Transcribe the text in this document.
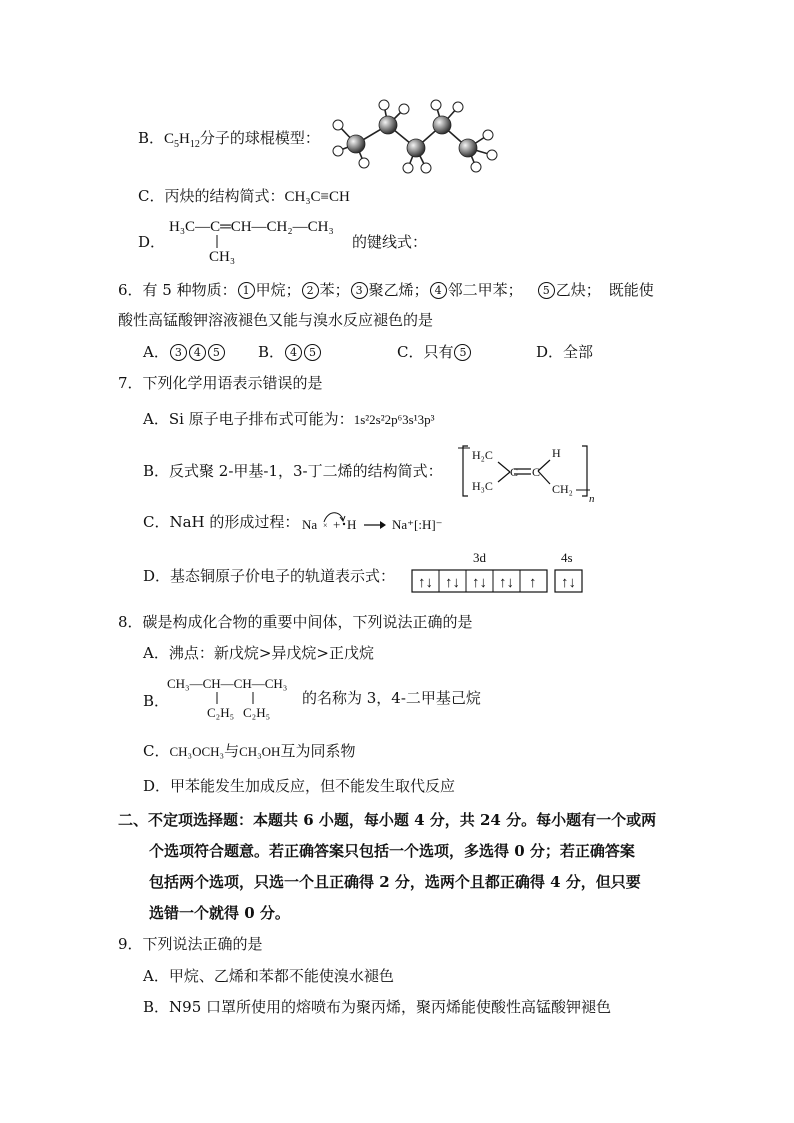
B．$C_5H_{12}$分子的球棍模型：
C．丙炔的结构简式：CH₃C≡CH
D．
H₃C—C═CH—CH₂—CH₃
CH₃
的键线式：
6．有 5 种物质： 1 甲烷； 2 苯； 3 聚乙烯； 4 邻二甲苯； 5 乙炔； 既能使
酸性高锰酸钾溶液褪色又能与溴水反应褪色的是
A． 3 4 5	B． 4 5	C．只有 5	D．全部
7．下列化学用语表示错误的是
A．Si 原子电子排布式可能为：1s²2s²2p⁶3s¹3p³
B．反式聚 2-甲基-1，3-丁二烯的结构简式：
H₂C
H₃C
C C
H
CH₂
n
C．NaH 的形成过程： Na × + H	Na⁺[:H]⁻
D．基态铜原子价电子的轨道表示式：
3d	4s
↑↓ ↑↓ ↑↓ ↑↓ ↑ ↑↓
8．碳是构成化合物的重要中间体，下列说法正确的是
A．沸点：新戊烷>异戊烷>正戊烷
B．
CH₃—CH—CH—CH₃
C₂H₅ C₂H₅
的名称为 3，4-二甲基己烷
C．CH₃OCH₃与CH₃OH互为同系物
D．甲苯能发生加成反应，但不能发生取代反应
二、不定项选择题：本题共 6 小题，每小题 4 分，共 24 分。每小题有一个或两
个选项符合题意。若正确答案只包括一个选项，多选得 0 分；若正确答案
包括两个选项，只选一个且正确得 2 分，选两个且都正确得 4 分，但只要
选错一个就得 0 分。
9．下列说法正确的是
A．甲烷、乙烯和苯都不能使溴水褪色
B．N95 口罩所使用的熔喷布为聚丙烯，聚丙烯能使酸性高锰酸钾褪色
